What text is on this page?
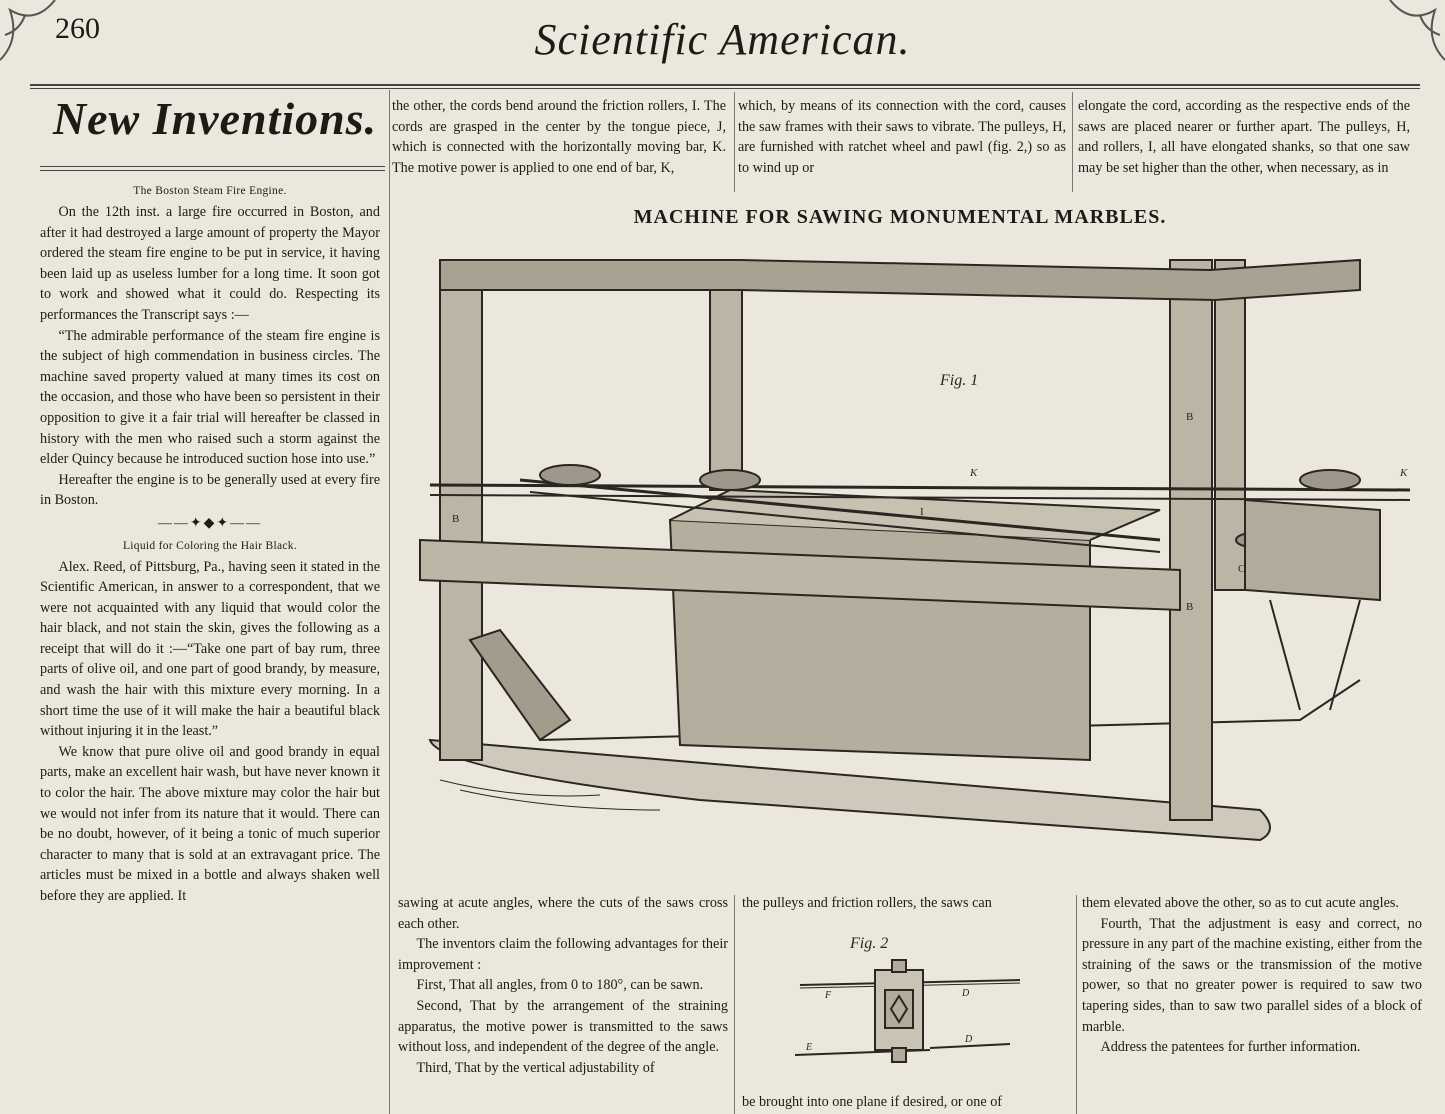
260	Scientific American.
New Inventions.
The Boston Steam Fire Engine.

On the 12th inst. a large fire occurred in Boston, and after it had destroyed a large amount of property the Mayor ordered the steam fire engine to be put in service, it having been laid up as useless lumber for a long time. It soon got to work and showed what it could do. Respecting its performances the Transcript says :—

“The admirable performance of the steam fire engine is the subject of high commendation in business circles. The machine saved property valued at many times its cost on the occasion, and those who have been so persistent in their opposition to give it a fair trial will hereafter be classed in history with the men who raised such a storm against the elder Quincy because he introduced suction hose into use.”

Hereafter the engine is to be generally used at every fire in Boston.

——✦◆✦——
Liquid for Coloring the Hair Black.

Alex. Reed, of Pittsburg, Pa., having seen it stated in the Scientific American, in answer to a correspondent, that we were not acquainted with any liquid that would color the hair black, and not stain the skin, gives the following as a receipt that will do it :—“Take one part of bay rum, three parts of olive oil, and one part of good brandy, by measure, and wash the hair with this mixture every morning. In a short time the use of it will make the hair a beautiful black without injuring it in the least.”

We know that pure olive oil and good brandy in equal parts, make an excellent hair wash, but have never known it to color the hair. The above mixture may color the hair but we would not infer from its nature that it would. There can be no doubt, however, of it being a tonic of much superior character to many that is sold at an extravagant price. The articles must be mixed in a bottle and always shaken well before they are applied. It

the other, the cords bend around the friction rollers, I. The cords are grasped in the center by the tongue piece, J, which is connected with the horizontally moving bar, K. The motive power is applied to one end of bar, K,

which, by means of its connection with the cord, causes the saw frames with their saws to vibrate. The pulleys, H, are furnished with ratchet wheel and pawl (fig. 2,) so as to wind up or

elongate the cord, according as the respective ends of the saws are placed nearer or further apart. The pulleys, H, and rollers, I, all have elongated shanks, so that one saw may be set higher than the other, when necessary, as in

MACHINE FOR SAWING MONUMENTAL MARBLES.
Fig. 1
B
B
B
K	K
I
C

sawing at acute angles, where the cuts of the saws cross each other.

The inventors claim the following advantages for their improvement :

First, That all angles, from 0 to 180°, can be sawn.

Second, That by the arrangement of the straining apparatus, the motive power is transmitted to the saws without loss, and independent of the degree of the angle.

Third, That by the vertical adjustability of

the pulleys and friction rollers, the saws can

Fig. 2
F	D
E
D

be brought into one plane if desired, or one of

them elevated above the other, so as to cut acute angles.

Fourth, That the adjustment is easy and correct, no pressure in any part of the machine existing, either from the straining of the saws or the transmission of the motive power, so that no greater power is required to saw two tapering sides, than to saw two parallel sides of a block of marble.

Address the patentees for further information.
